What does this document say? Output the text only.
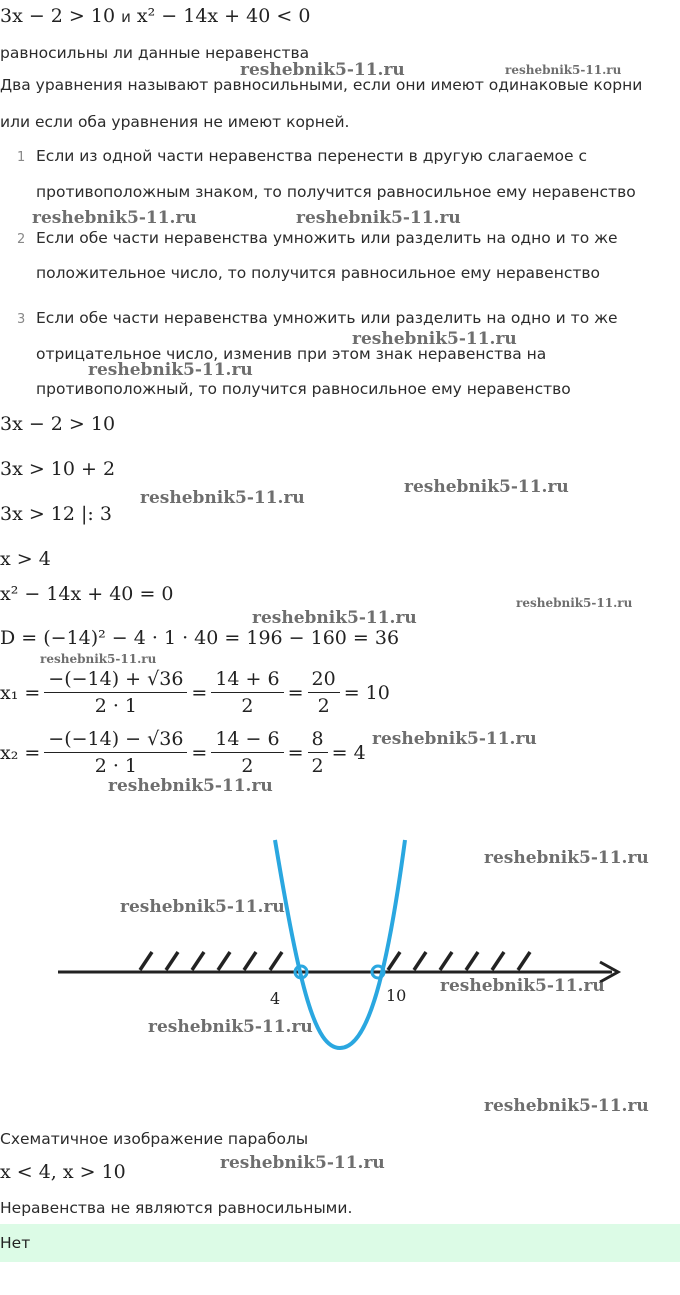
3x − 2 > 10 и x² − 14x + 40 < 0
равносильны ли данные неравенства
Два уравнения называют равносильными, если они имеют одинаковые корни
или если оба уравнения не имеют корней.
1 Если из одной части неравенства перенести в другую слагаемое с
противоположным знаком, то получится равносильное ему неравенство
2 Если обе части неравенства умножить или разделить на одно и то же
положительное число, то получится равносильное ему неравенство
3 Если обе части неравенства умножить или разделить на одно и то же
отрицательное число, изменив при этом знак неравенства на
противоположный, то получится равносильное ему неравенство
3x − 2 > 10
3x > 10 + 2
3x > 12 |: 3
x > 4
x² − 14x + 40 = 0
D = (−14)² − 4 · 1 · 40 = 196 − 160 = 36
$x_1 = \frac{-(-14) + √36}{2 \cdot 1} = \frac{14 + 6}{2} = \frac{20}{2} = 10$
$x_2 = \frac{-(-14) - √36}{2 \cdot 1} = \frac{14 - 6}{2} = \frac{8}{2} = 4$
4	10
Схематичное изображение параболы
x < 4, x > 10
Неравенства не являются равносильными.
Нет
reshebnik5-11.ru	reshebnik5-11.ru
reshebnik5-11.ru	reshebnik5-11.ru
reshebnik5-11.ru
reshebnik5-11.ru
reshebnik5-11.ru
reshebnik5-11.ru
reshebnik5-11.ru
reshebnik5-11.ru
reshebnik5-11.ru
reshebnik5-11.ru
reshebnik5-11.ru
reshebnik5-11.ru
reshebnik5-11.ru
reshebnik5-11.ru
reshebnik5-11.ru
reshebnik5-11.ru
reshebnik5-11.ru
